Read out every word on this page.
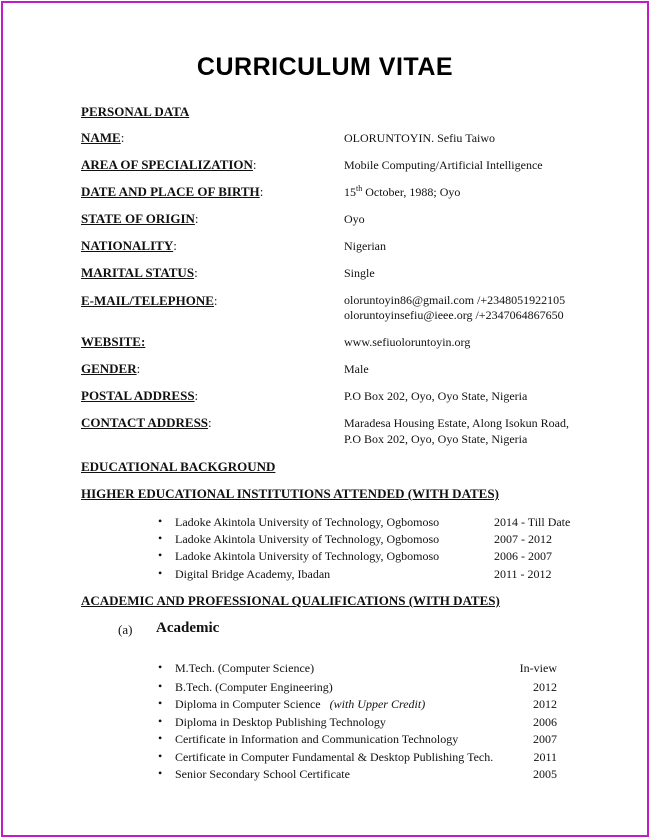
CURRICULUM VITAE
PERSONAL DATA
NAME:	OLORUNTOYIN. Sefiu Taiwo
AREA OF SPECIALIZATION:	Mobile Computing/Artificial Intelligence
DATE AND PLACE OF BIRTH:	15th October, 1988; Oyo
STATE OF ORIGIN:	Oyo
NATIONALITY:	Nigerian
MARITAL STATUS:	Single
E-MAIL/TELEPHONE:	oloruntoyin86@gmail.com /+2348051922105
oloruntoyinsefiu@ieee.org /+2347064867650
WEBSITE:	www.sefiuoloruntoyin.org
GENDER:	Male
POSTAL ADDRESS:	P.O Box 202, Oyo, Oyo State, Nigeria
CONTACT ADDRESS:	Maradesa Housing Estate, Along Isokun Road,
P.O Box 202, Oyo, Oyo State, Nigeria
EDUCATIONAL BACKGROUND
HIGHER EDUCATIONAL INSTITUTIONS ATTENDED (WITH DATES)
• Ladoke Akintola University of Technology, Ogbomoso	2014 - Till Date
• Ladoke Akintola University of Technology, Ogbomoso	2007 - 2012
• Ladoke Akintola University of Technology, Ogbomoso	2006 - 2007
• Digital Bridge Academy, Ibadan	2011 - 2012
ACADEMIC AND PROFESSIONAL QUALIFICATIONS (WITH DATES)
(a) Academic
• M.Tech. (Computer Science)	In-view
• B.Tech. (Computer Engineering)	2012
• Diploma in Computer Science   (with Upper Credit)	2012
• Diploma in Desktop Publishing Technology	2006
• Certificate in Information and Communication Technology	2007
• Certificate in Computer Fundamental & Desktop Publishing Tech.	2011
• Senior Secondary School Certificate	2005
